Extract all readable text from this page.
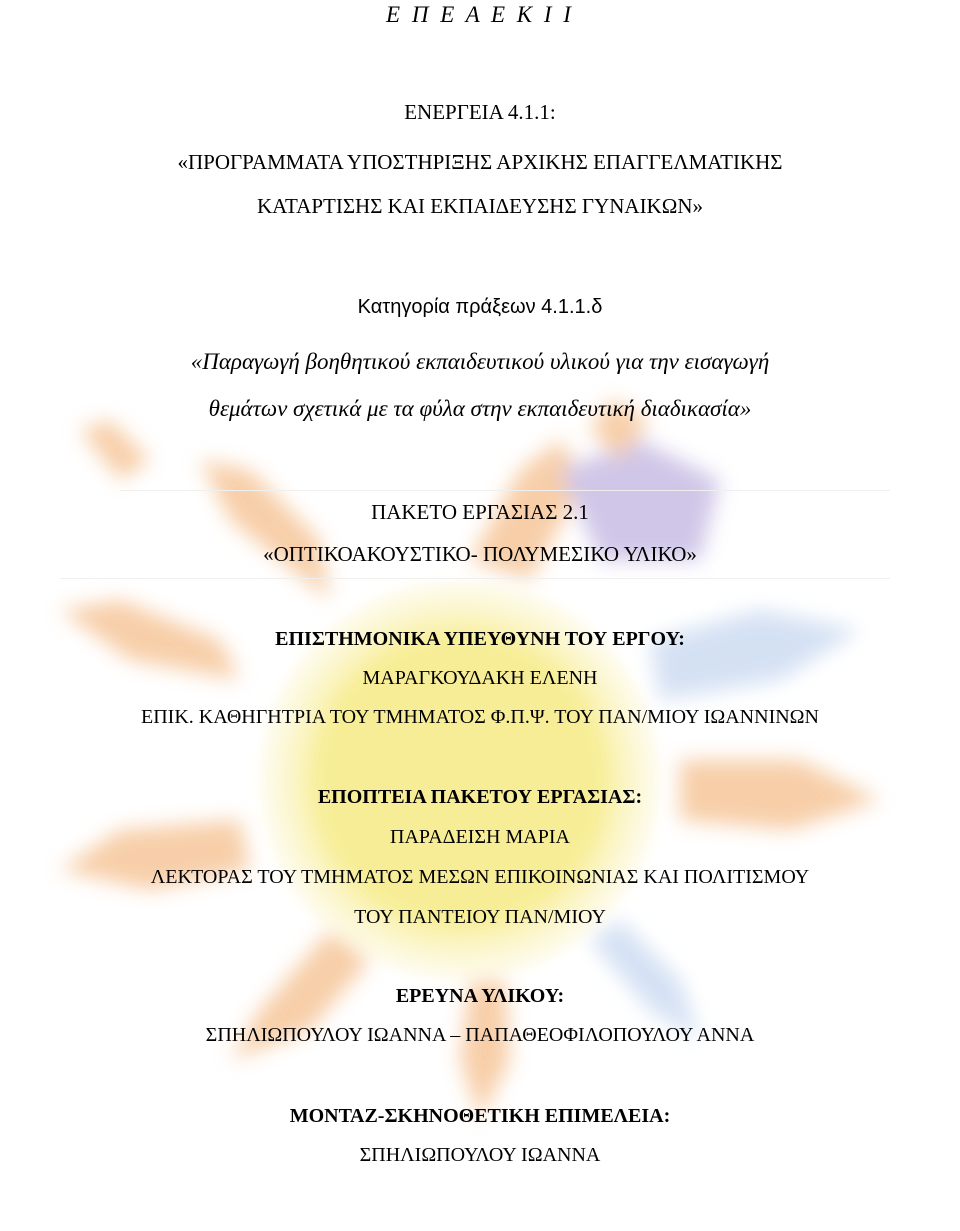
Ε Π Ε Α Ε Κ Ι Ι
ΕΝΕΡΓΕΙΑ 4.1.1:
«ΠΡΟΓΡΑΜΜΑΤΑ ΥΠΟΣΤΗΡΙΞΗΣ ΑΡΧΙΚΗΣ ΕΠΑΓΓΕΛΜΑΤΙΚΗΣ
ΚΑΤΑΡΤΙΣΗΣ ΚΑΙ ΕΚΠΑΙΔΕΥΣΗΣ ΓΥΝΑΙΚΩΝ»
Κατηγορία πράξεων 4.1.1.δ
«Παραγωγή βοηθητικού εκπαιδευτικού υλικού για την εισαγωγή
θεμάτων σχετικά με τα φύλα στην εκπαιδευτική διαδικασία»
ΠΑΚΕΤΟ ΕΡΓΑΣΙΑΣ 2.1
«ΟΠΤΙΚΟΑΚΟΥΣΤΙΚΟ- ΠΟΛΥΜΕΣΙΚΟ ΥΛΙΚΟ»
ΕΠΙΣΤΗΜΟΝΙΚΑ ΥΠΕΥΘΥΝΗ ΤΟΥ ΕΡΓΟΥ:
ΜΑΡΑΓΚΟΥΔΑΚΗ ΕΛΕΝΗ
ΕΠΙΚ. ΚΑΘΗΓΗΤΡΙΑ ΤΟΥ ΤΜΗΜΑΤΟΣ Φ.Π.Ψ. ΤΟΥ ΠΑΝ/ΜΙΟΥ ΙΩΑΝΝΙΝΩΝ
ΕΠΟΠΤΕΙΑ ΠΑΚΕΤΟΥ ΕΡΓΑΣΙΑΣ:
ΠΑΡΑΔΕΙΣΗ ΜΑΡΙΑ
ΛΕΚΤΟΡΑΣ ΤΟΥ ΤΜΗΜΑΤΟΣ ΜΕΣΩΝ ΕΠΙΚΟΙΝΩΝΙΑΣ ΚΑΙ ΠΟΛΙΤΙΣΜΟΥ
ΤΟΥ ΠΑΝΤΕΙΟΥ ΠΑΝ/ΜΙΟΥ
ΕΡΕΥΝΑ ΥΛΙΚΟΥ:
ΣΠΗΛΙΩΠΟΥΛΟΥ ΙΩΑΝΝΑ – ΠΑΠΑΘΕΟΦΙΛΟΠΟΥΛΟΥ ΑΝΝΑ
ΜΟΝΤΑΖ-ΣΚΗΝΟΘΕΤΙΚΗ ΕΠΙΜΕΛΕΙΑ:
ΣΠΗΛΙΩΠΟΥΛΟΥ ΙΩΑΝΝΑ
